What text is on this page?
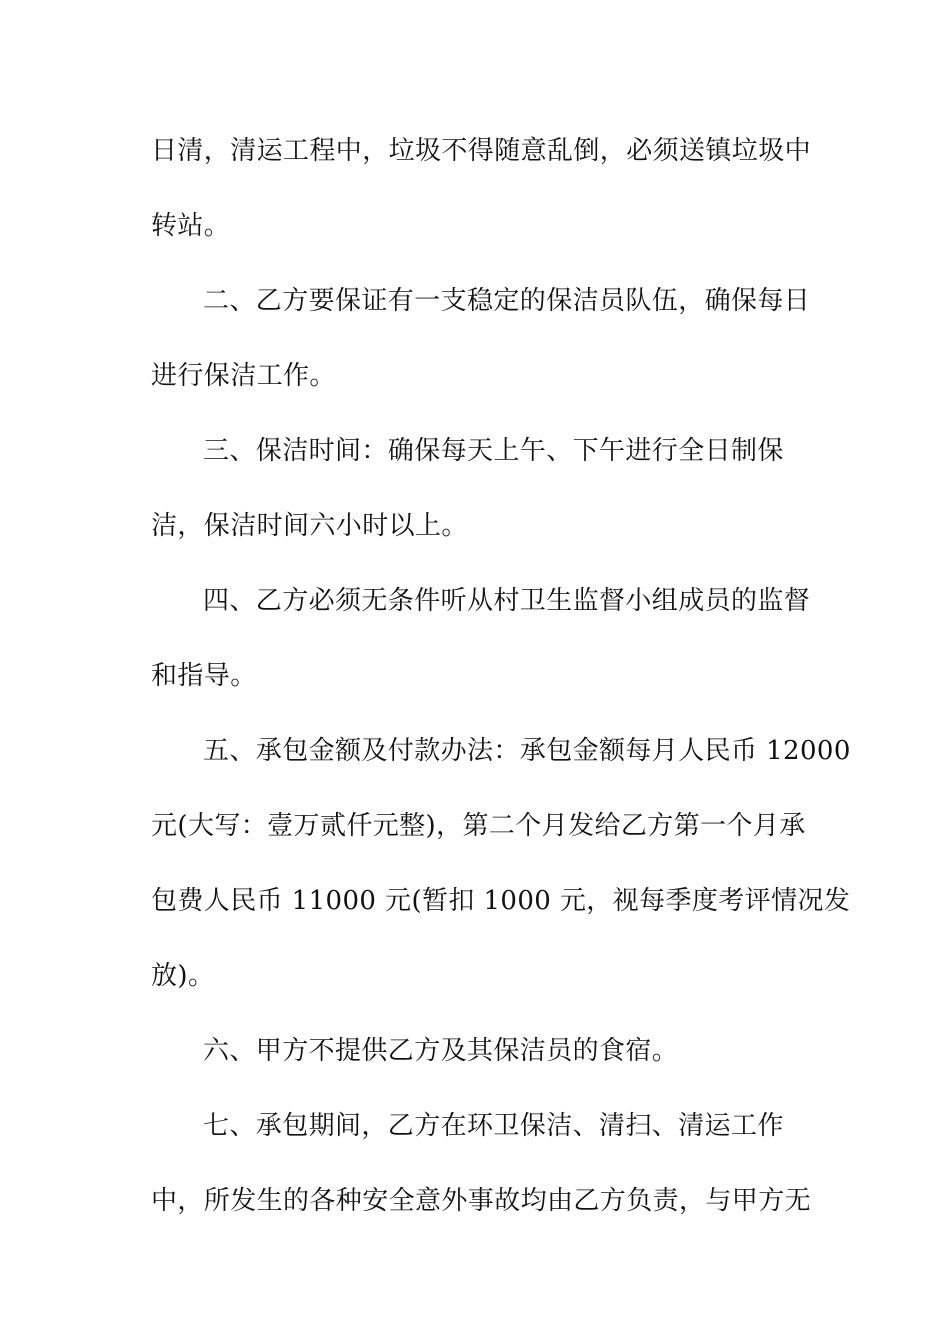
日清，清运工程中，垃圾不得随意乱倒，必须送镇垃圾中
转站。
二、乙方要保证有一支稳定的保洁员队伍，确保每日
进行保洁工作。
三、保洁时间：确保每天上午、下午进行全日制保
洁，保洁时间六小时以上。
四、乙方必须无条件听从村卫生监督小组成员的监督
和指导。
五、承包金额及付款办法：承包金额每月人民币 12000
元(大写：壹万贰仟元整)，第二个月发给乙方第一个月承
包费人民币 11000 元(暂扣 1000 元，视每季度考评情况发
放)。
六、甲方不提供乙方及其保洁员的食宿。
七、承包期间，乙方在环卫保洁、清扫、清运工作
中，所发生的各种安全意外事故均由乙方负责，与甲方无
